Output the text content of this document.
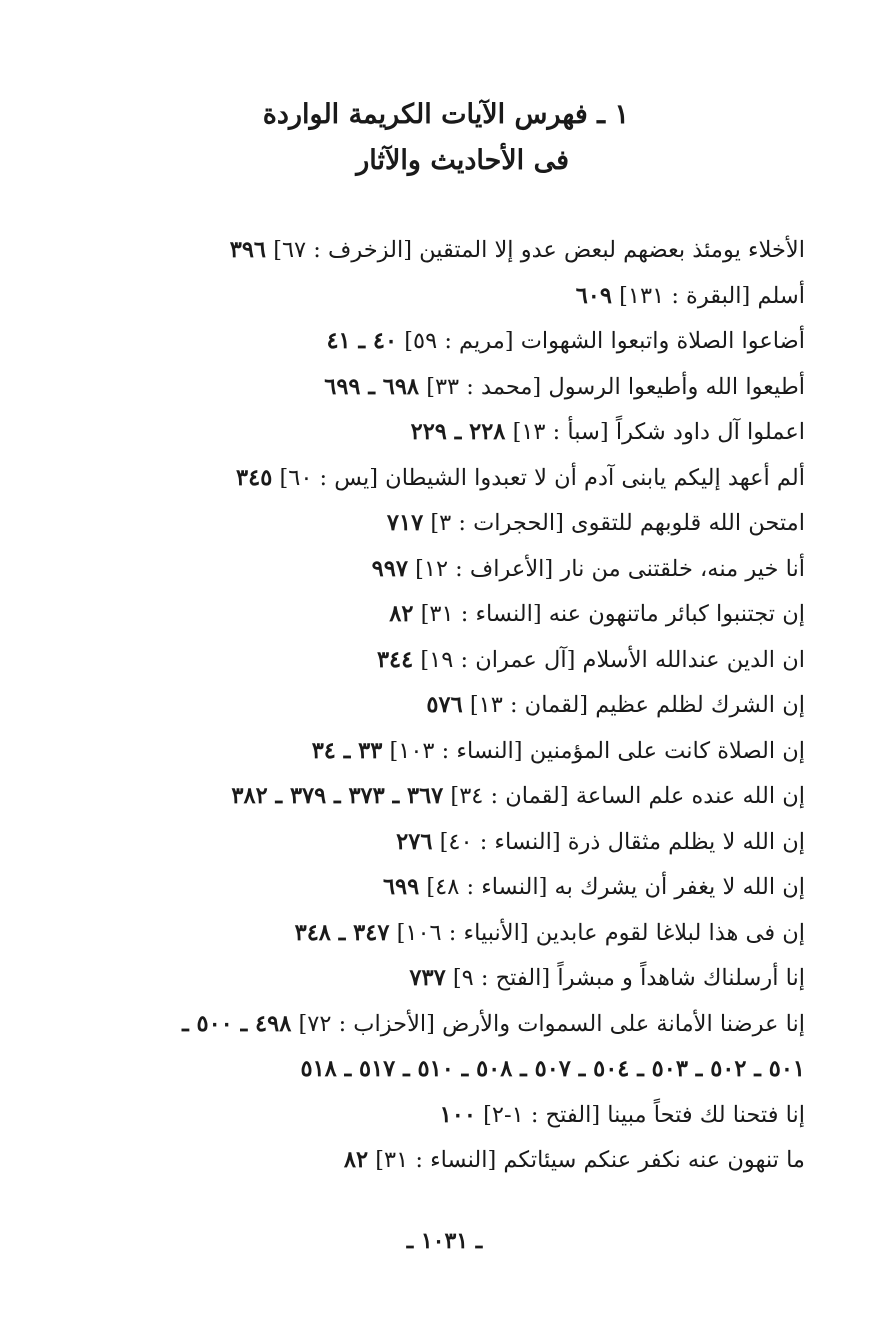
١ ـ فهرس الآيات الكريمة الواردة
فى الأحاديث والآثار
الأخلاء يومئذ بعضهم لبعض عدو إلا المتقين [الزخرف : ٦٧] ٣٩٦
أسلم [البقرة : ١٣١] ٦٠٩
أضاعوا الصلاة واتبعوا الشهوات [مريم : ٥٩] ٤٠ ـ ٤١
أطيعوا الله وأطيعوا الرسول [محمد : ٣٣] ٦٩٨ ـ ٦٩٩
اعملوا آل داود شكراً [سبأ : ١٣] ٢٢٨ ـ ٢٢٩
ألم أعهد إليكم يابنى آدم أن لا تعبدوا الشيطان [يس : ٦٠] ٣٤٥
امتحن الله قلوبهم للتقوى [الحجرات : ٣] ٧١٧
أنا خير منه، خلقتنى من نار [الأعراف : ١٢] ٩٩٧
إن تجتنبوا كبائر ماتنهون عنه [النساء : ٣١] ٨٢
ان الدين عندالله الأسلام [آل عمران : ١٩] ٣٤٤
إن الشرك لظلم عظيم [لقمان : ١٣] ٥٧٦
إن الصلاة كانت على المؤمنين [النساء : ١٠٣] ٣٣ ـ ٣٤
إن الله عنده علم الساعة [لقمان : ٣٤] ٣٦٧ ـ ٣٧٣ ـ ٣٧٩ ـ ٣٨٢
إن الله لا يظلم مثقال ذرة [النساء : ٤٠] ٢٧٦
إن الله لا يغفر أن يشرك به [النساء : ٤٨] ٦٩٩
إن فى هذا لبلاغا لقوم عابدين [الأنبياء : ١٠٦] ٣٤٧ ـ ٣٤٨
إنا أرسلناك شاهداً و مبشراً [الفتح : ٩] ٧٣٧
إنا عرضنا الأمانة على السموات والأرض [الأحزاب : ٧٢] ٤٩٨ ـ ٥٠٠ ـ
٥٠١ ـ ٥٠٢ ـ ٥٠٣ ـ ٥٠٤ ـ ٥٠٧ ـ ٥٠٨ ـ ٥١٠ ـ ٥١٧ ـ ٥١٨
إنا فتحنا لك فتحاً مبينا [الفتح : ١-٢] ١٠٠
ما تنهون عنه نكفر عنكم سيئاتكم [النساء : ٣١] ٨٢
ـ ١٠٣١ ـ
